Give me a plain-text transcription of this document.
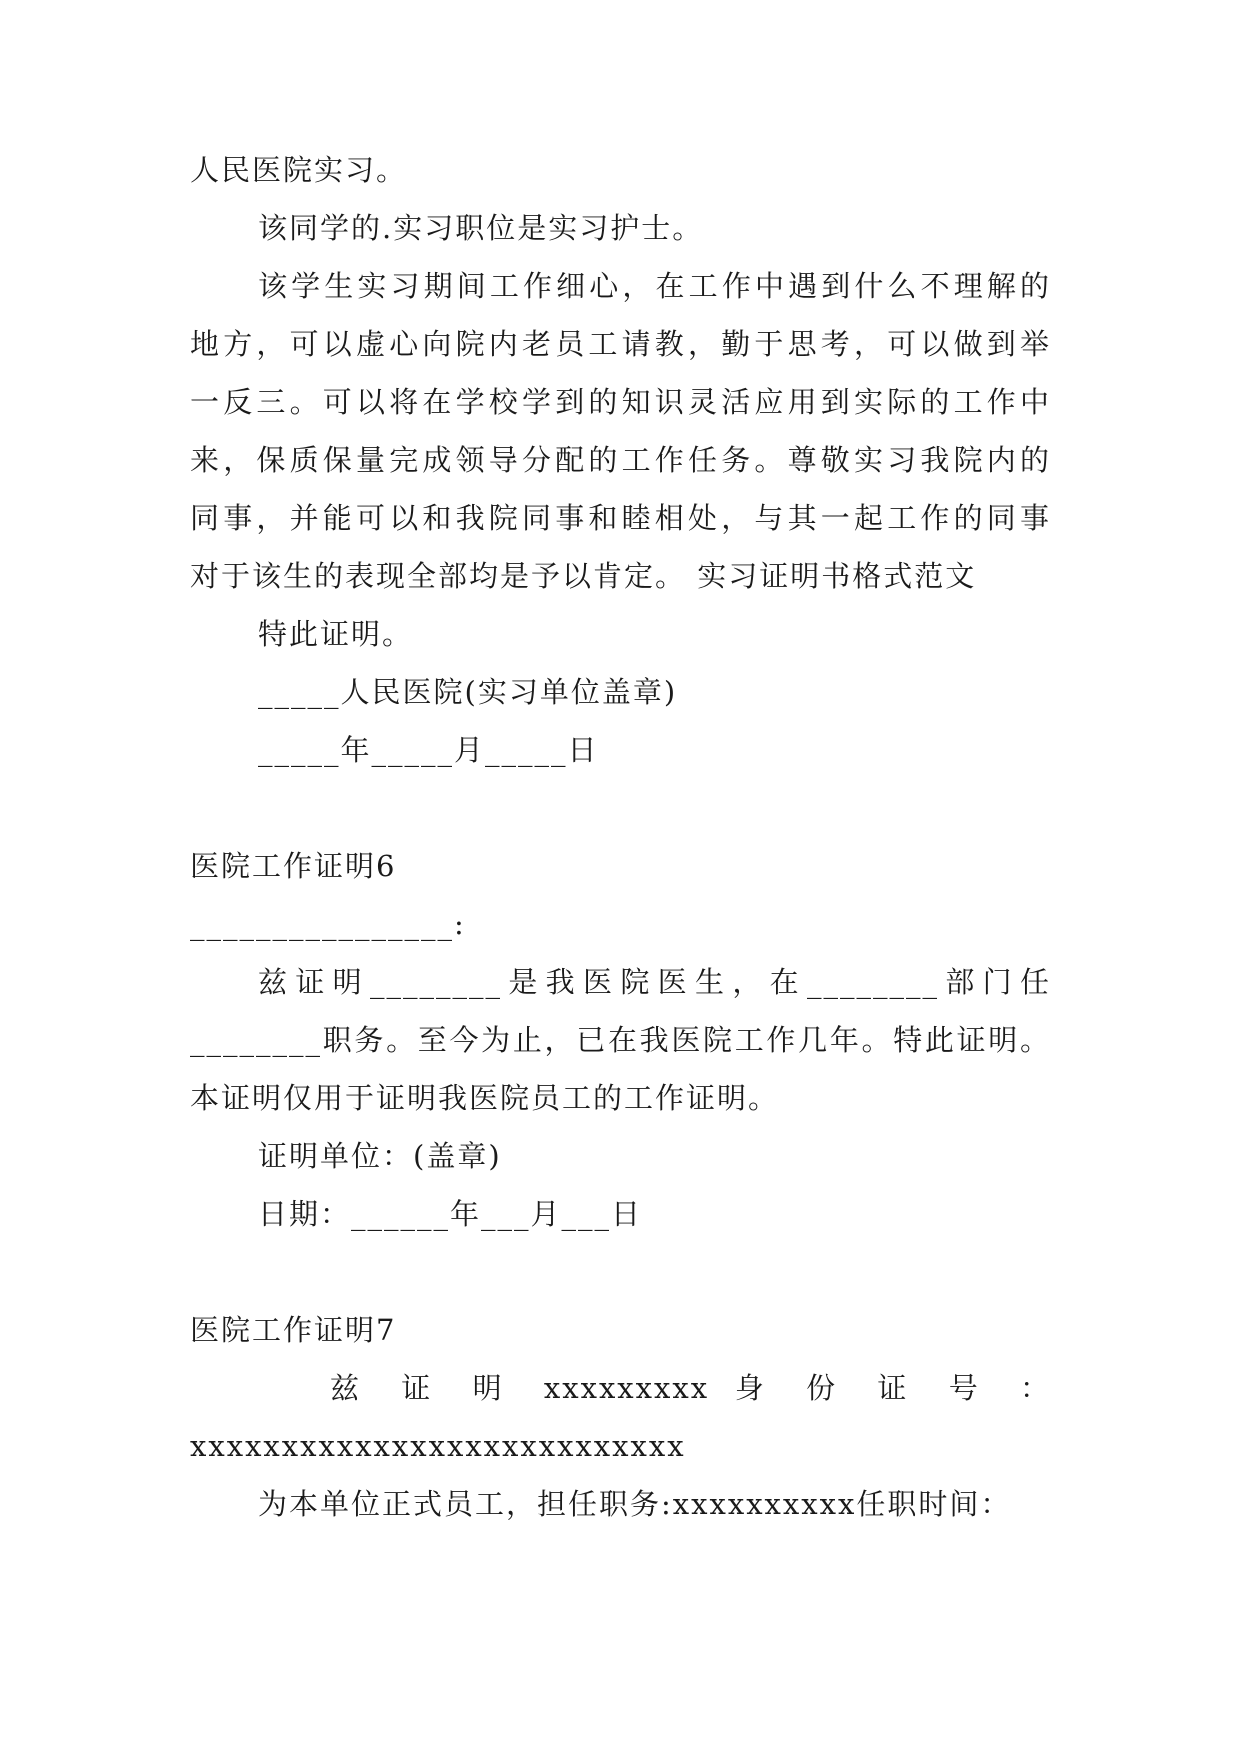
人民医院实习。
该同学的.实习职位是实习护士。
该学生实习期间工作细心，在工作中遇到什么不理解的
地方，可以虚心向院内老员工请教，勤于思考，可以做到举
一反三。可以将在学校学到的知识灵活应用到实际的工作中
来，保质保量完成领导分配的工作任务。尊敬实习我院内的
同事，并能可以和我院同事和睦相处，与其一起工作的同事
对于该生的表现全部均是予以肯定。 实习证明书格式范文
特此证明。
_____人民医院(实习单位盖章)
_____年_____月_____日
医院工作证明6
________________:
兹证明________是我医院医生，在________部门任
________职务。至今为止，已在我医院工作几年。特此证明。
本证明仅用于证明我医院员工的工作证明。
证明单位：(盖章)
日期：______年___月___日
医院工作证明7
兹 证 明 xxxxxxxxx 身 份 证 号 ：
xxxxxxxxxxxxxxxxxxxxxxxxxxx
为本单位正式员工，担任职务:xxxxxxxxxx任职时间：
